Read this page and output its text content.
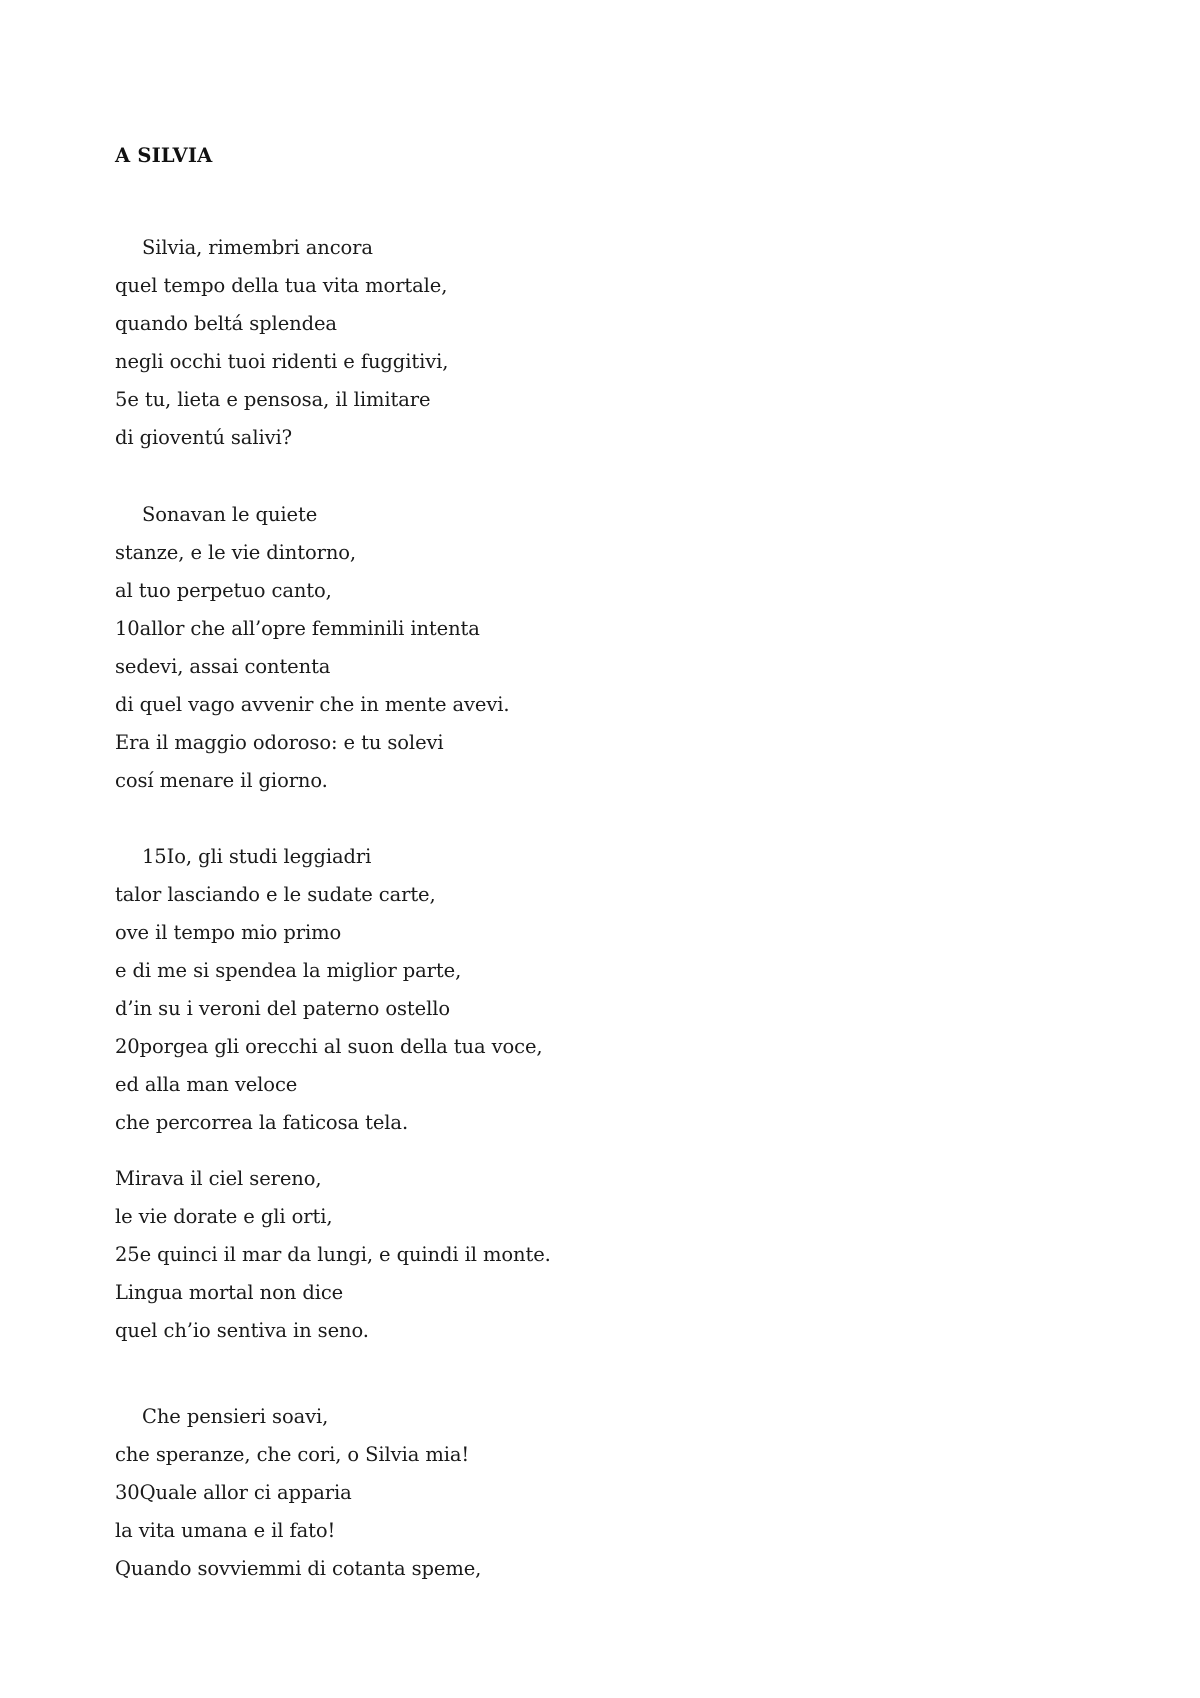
A SILVIA
Silvia, rimembri ancora
quel tempo della tua vita mortale,
quando beltá splendea
negli occhi tuoi ridenti e fuggitivi,
5e tu, lieta e pensosa, il limitare
di gioventú salivi?
Sonavan le quiete
stanze, e le vie dintorno,
al tuo perpetuo canto,
10allor che all’opre femminili intenta
sedevi, assai contenta
di quel vago avvenir che in mente avevi.
Era il maggio odoroso: e tu solevi
cosí menare il giorno.
15Io, gli studi leggiadri
talor lasciando e le sudate carte,
ove il tempo mio primo
e di me si spendea la miglior parte,
d’in su i veroni del paterno ostello
20porgea gli orecchi al suon della tua voce,
ed alla man veloce
che percorrea la faticosa tela.
Mirava il ciel sereno,
le vie dorate e gli orti,
25e quinci il mar da lungi, e quindi il monte.
Lingua mortal non dice
quel ch’io sentiva in seno.
Che pensieri soavi,
che speranze, che cori, o Silvia mia!
30Quale allor ci apparia
la vita umana e il fato!
Quando sovviemmi di cotanta speme,
